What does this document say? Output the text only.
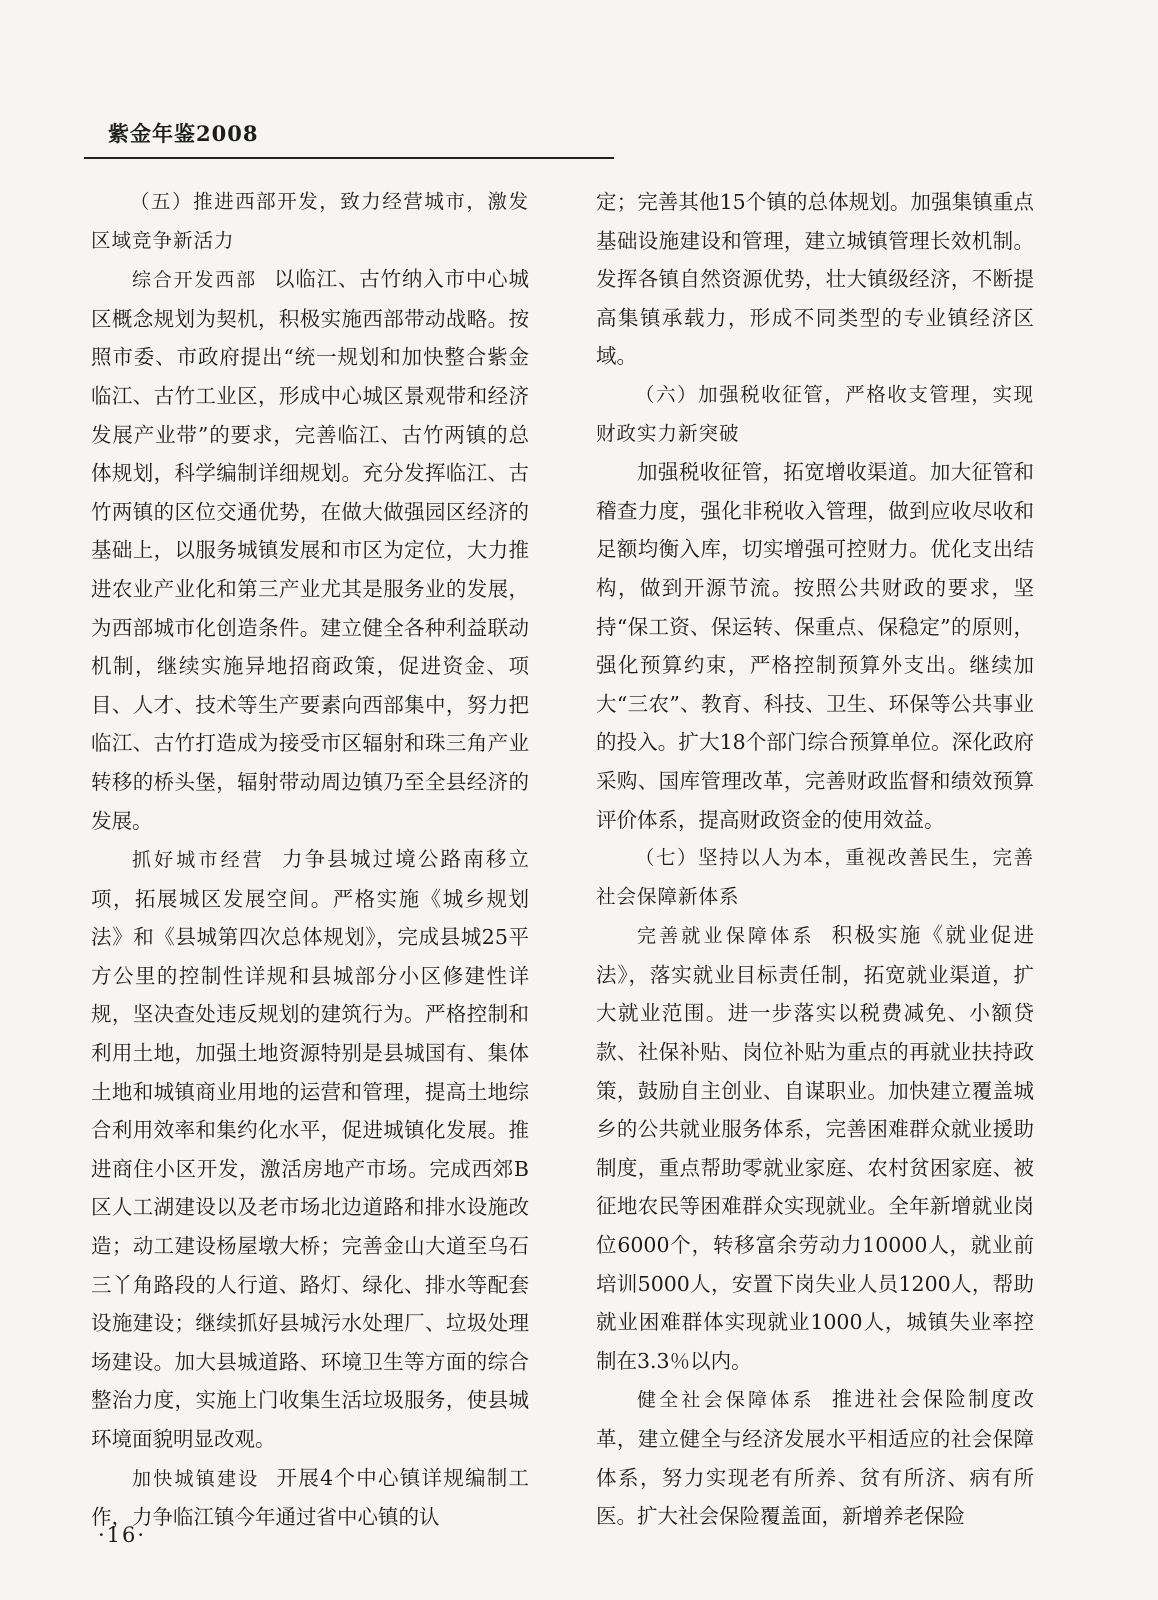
紫金年鉴2008

（五）推进西部开发，致力经营城市，激发区域竞争新活力

综合开发西部 以临江、古竹纳入市中心城区概念规划为契机，积极实施西部带动战略。按照市委、市政府提出“统一规划和加快整合紫金临江、古竹工业区，形成中心城区景观带和经济发展产业带”的要求，完善临江、古竹两镇的总体规划，科学编制详细规划。充分发挥临江、古竹两镇的区位交通优势，在做大做强园区经济的基础上，以服务城镇发展和市区为定位，大力推进农业产业化和第三产业尤其是服务业的发展，为西部城市化创造条件。建立健全各种利益联动机制，继续实施异地招商政策，促进资金、项目、人才、技术等生产要素向西部集中，努力把临江、古竹打造成为接受市区辐射和珠三角产业转移的桥头堡，辐射带动周边镇乃至全县经济的发展。

抓好城市经营 力争县城过境公路南移立项，拓展城区发展空间。严格实施《城乡规划法》和《县城第四次总体规划》，完成县城25平方公里的控制性详规和县城部分小区修建性详规，坚决查处违反规划的建筑行为。严格控制和利用土地，加强土地资源特别是县城国有、集体土地和城镇商业用地的运营和管理，提高土地综合利用效率和集约化水平，促进城镇化发展。推进商住小区开发，激活房地产市场。完成西郊B区人工湖建设以及老市场北边道路和排水设施改造；动工建设杨屋墩大桥；完善金山大道至乌石三丫角路段的人行道、路灯、绿化、排水等配套设施建设；继续抓好县城污水处理厂、垃圾处理场建设。加大县城道路、环境卫生等方面的综合整治力度，实施上门收集生活垃圾服务，使县城环境面貌明显改观。

加快城镇建设 开展4个中心镇详规编制工作，力争临江镇今年通过省中心镇的认

定；完善其他15个镇的总体规划。加强集镇重点基础设施建设和管理，建立城镇管理长效机制。发挥各镇自然资源优势，壮大镇级经济，不断提高集镇承载力，形成不同类型的专业镇经济区域。

（六）加强税收征管，严格收支管理，实现财政实力新突破

加强税收征管，拓宽增收渠道。加大征管和稽查力度，强化非税收入管理，做到应收尽收和足额均衡入库，切实增强可控财力。优化支出结构，做到开源节流。按照公共财政的要求，坚持“保工资、保运转、保重点、保稳定”的原则，强化预算约束，严格控制预算外支出。继续加大“三农”、教育、科技、卫生、环保等公共事业的投入。扩大18个部门综合预算单位。深化政府采购、国库管理改革，完善财政监督和绩效预算评价体系，提高财政资金的使用效益。

（七）坚持以人为本，重视改善民生，完善社会保障新体系

完善就业保障体系 积极实施《就业促进法》，落实就业目标责任制，拓宽就业渠道，扩大就业范围。进一步落实以税费减免、小额贷款、社保补贴、岗位补贴为重点的再就业扶持政策，鼓励自主创业、自谋职业。加快建立覆盖城乡的公共就业服务体系，完善困难群众就业援助制度，重点帮助零就业家庭、农村贫困家庭、被征地农民等困难群众实现就业。全年新增就业岗位6000个，转移富余劳动力10000人，就业前培训5000人，安置下岗失业人员1200人，帮助就业困难群体实现就业1000人，城镇失业率控制在3.3％以内。

健全社会保障体系 推进社会保险制度改革，建立健全与经济发展水平相适应的社会保障体系，努力实现老有所养、贫有所济、病有所医。扩大社会保险覆盖面，新增养老保险

·16·
